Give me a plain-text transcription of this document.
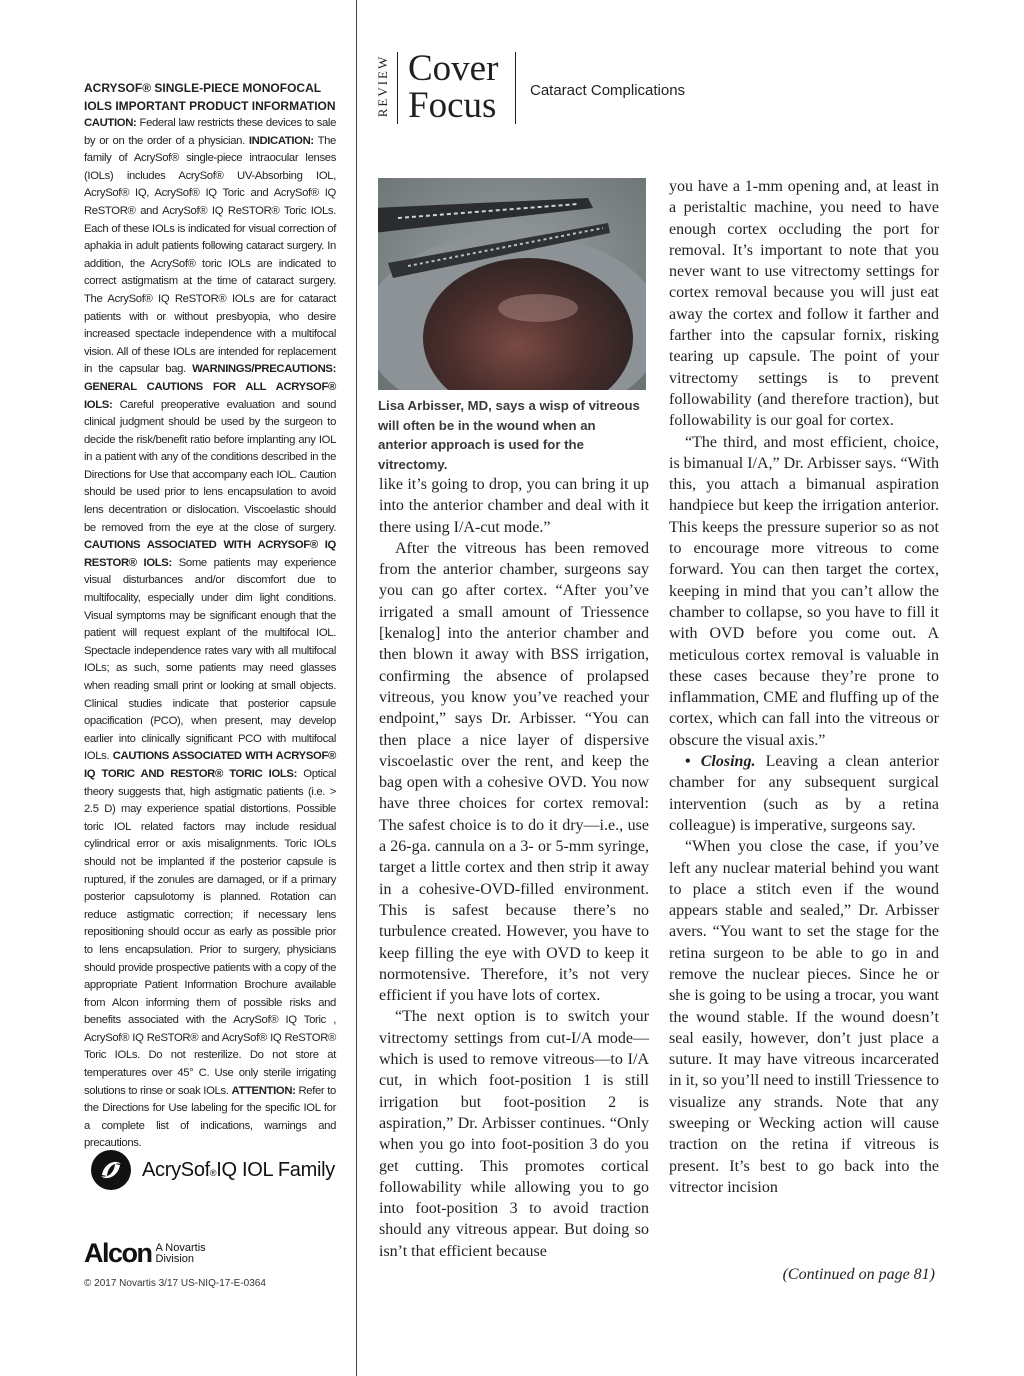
ACRYSOF® SINGLE-PIECE MONOFOCAL IOLS IMPORTANT PRODUCT INFORMATION
CAUTION: Federal law restricts these devices to sale by or on the order of a physician. INDICATION: The family of AcrySof® single-piece intraocular lenses (IOLs) includes AcrySof® UV-Absorbing IOL, AcrySof® IQ, AcrySof® IQ Toric and AcrySof® IQ ReSTOR® and AcrySof® IQ ReSTOR® Toric IOLs. Each of these IOLs is indicated for visual correction of aphakia in adult patients following cataract surgery. In addition, the AcrySof® toric IOLs are indicated to correct astigmatism at the time of cataract surgery. The AcrySof® IQ ReSTOR® IOLs are for cataract patients with or without presbyopia, who desire increased spectacle independence with a multifocal vision. All of these IOLs are intended for replacement in the capsular bag. WARNINGS/PRECAUTIONS: GENERAL CAUTIONS FOR ALL ACRYSOF® IOLS: Careful preoperative evaluation and sound clinical judgment should be used by the surgeon to decide the risk/benefit ratio before implanting any IOL in a patient with any of the conditions described in the Directions for Use that accompany each IOL. Caution should be used prior to lens encapsulation to avoid lens decentration or dislocation. Viscoelastic should be removed from the eye at the close of surgery. CAUTIONS ASSOCIATED WITH ACRYSOF® IQ RESTOR® IOLS: Some patients may experience visual disturbances and/or discomfort due to multifocality, especially under dim light conditions. Visual symptoms may be significant enough that the patient will request explant of the multifocal IOL. Spectacle independence rates vary with all multifocal IOLs; as such, some patients may need glasses when reading small print or looking at small objects. Clinical studies indicate that posterior capsule opacification (PCO), when present, may develop earlier into clinically significant PCO with multifocal IOLs. CAUTIONS ASSOCIATED WITH ACRYSOF® IQ TORIC AND RESTOR® TORIC IOLS: Optical theory suggests that, high astigmatic patients (i.e. > 2.5 D) may experience spatial distortions. Possible toric IOL related factors may include residual cylindrical error or axis misalignments. Toric IOLs should not be implanted if the posterior capsule is ruptured, if the zonules are damaged, or if a primary posterior capsulotomy is planned. Rotation can reduce astigmatic correction; if necessary lens repositioning should occur as early as possible prior to lens encapsulation. Prior to surgery, physicians should provide prospective patients with a copy of the appropriate Patient Information Brochure available from Alcon informing them of possible risks and benefits associated with the AcrySof® IQ Toric , AcrySof® IQ ReSTOR® and AcrySof® IQ ReSTOR® Toric IOLs. Do not resterilize. Do not store at temperatures over 45° C. Use only sterile irrigating solutions to rinse or soak IOLs. ATTENTION: Refer to the Directions for Use labeling for the specific IOL for a complete list of indications, warnings and precautions.
AcrySof®IQ IOL Family
Alcon A Novartis
Division
© 2017 Novartis 3/17 US-NIQ-17-E-0364
REVIEW Cover
Focus Cataract Complications
Lisa Arbisser, MD, says a wisp of vitreous will often be in the wound when an anterior approach is used for the vitrectomy.

like it’s going to drop, you can bring it up into the anterior chamber and deal with it there using I/A-cut mode.”

After the vitreous has been removed from the anterior chamber, surgeons say you can go after cortex. “After you’ve irrigated a small amount of Triessence [kenalog] into the anterior chamber and then blown it away with BSS irrigation, confirming the absence of prolapsed vitreous, you know you’ve reached your endpoint,” says Dr. Arbisser. “You can then place a nice layer of dispersive viscoelastic over the rent, and keep the bag open with a cohesive OVD. You now have three choices for cortex removal: The safest choice is to do it dry—i.e., use a 26-ga. cannula on a 3- or 5-mm syringe, target a little cortex and then strip it away in a cohesive-OVD-filled environment. This is safest because there’s no turbulence created. However, you have to keep filling the eye with OVD to keep it normotensive. Therefore, it’s not very efficient if you have lots of cortex.

“The next option is to switch your vitrectomy settings from cut-I/A mode—which is used to remove vitreous—to I/A cut, in which foot-position 1 is still irrigation but foot-position 2 is aspiration,” Dr. Arbisser continues. “Only when you go into foot-position 3 do you get cutting. This promotes cortical followability while allowing you to go into foot-position 3 to avoid traction should any vitreous appear. But doing so isn’t that efficient because

you have a 1-mm opening and, at least in a peristaltic machine, you need to have enough cortex occluding the port for removal. It’s important to note that you never want to use vitrectomy settings for cortex removal because you will just eat away the cortex and follow it farther and farther into the capsular fornix, risking tearing up capsule. The point of your vitrectomy settings is to prevent followability (and therefore traction), but followability is our goal for cortex.

“The third, and most efficient, choice, is bimanual I/A,” Dr. Arbisser says. “With this, you attach a bimanual aspiration handpiece but keep the irrigation anterior. This keeps the pressure superior so as not to encourage more vitreous to come forward. You can then target the cortex, keeping in mind that you can’t allow the chamber to collapse, so you have to fill it with OVD before you come out. A meticulous cortex removal is valuable in these cases because they’re prone to inflammation, CME and fluffing up of the cortex, which can fall into the vitreous or obscure the visual axis.”

• Closing. Leaving a clean anterior chamber for any subsequent surgical intervention (such as by a retina colleague) is imperative, surgeons say.

“When you close the case, if you’ve left any nuclear material behind you want to place a stitch even if the wound appears stable and sealed,” Dr. Arbisser avers. “You want to set the stage for the retina surgeon to be able to go in and remove the nuclear pieces. Since he or she is going to be using a trocar, you want the wound stable. If the wound doesn’t seal easily, however, don’t just place a suture. It may have vitreous incarcerated in it, so you’ll need to instill Triessence to visualize any strands. Note that any sweeping or Wecking action will cause traction on the retina if vitreous is present. It’s best to go back into the vitrector incision

(Continued on page 81)
